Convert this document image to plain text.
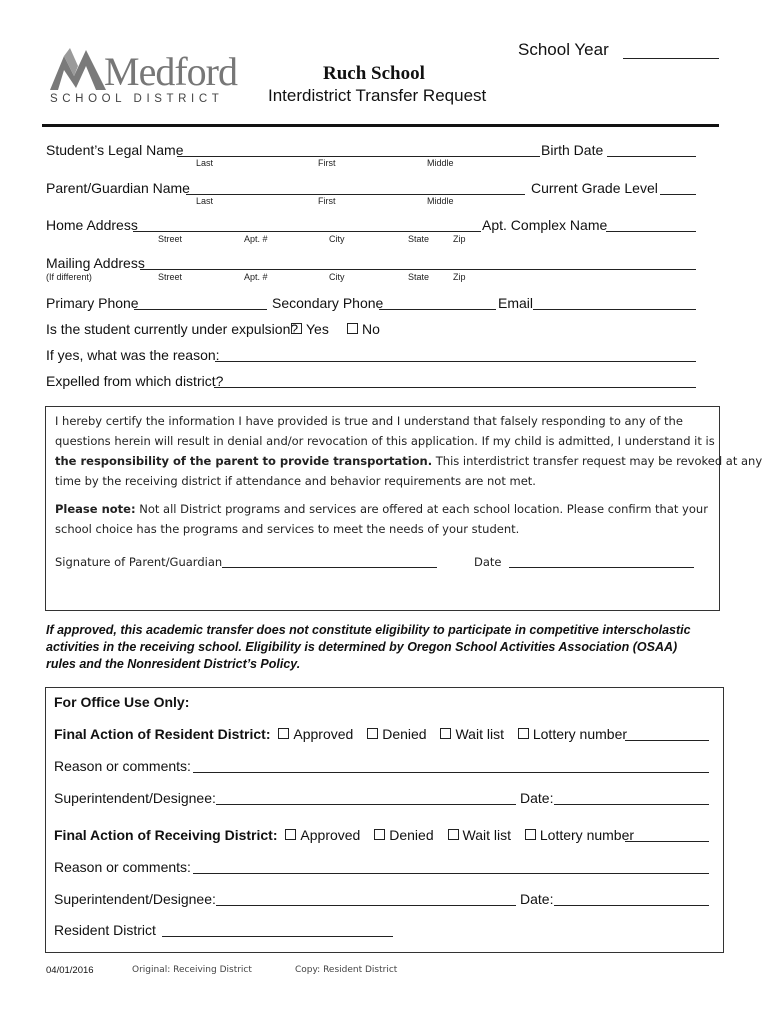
Medford
SCHOOL DISTRICT
School Year
Ruch School
Interdistrict Transfer Request
Student’s Legal Name	Birth Date
Last	First	Middle
Parent/Guardian Name	Current Grade Level
Last	First	Middle
Home Address	Apt. Complex Name
Street	Apt. #	City	State	Zip
Mailing Address
(If different)	Street	Apt. #	City	State	Zip
Primary Phone	Secondary Phone	Email
Is the student currently under expulsion? Yes	No
If yes, what was the reason:
Expelled from which district?
I hereby certify the information I have provided is true and I understand that falsely responding to any of the
questions herein will result in denial and/or revocation of this application. If my child is admitted, I understand it is
the responsibility of the parent to provide transportation. This interdistrict transfer request may be revoked at any
time by the receiving district if attendance and behavior requirements are not met.
Please note: Not all District programs and services are offered at each school location. Please confirm that your
school choice has the programs and services to meet the needs of your student.
Signature of Parent/Guardian	Date
If approved, this academic transfer does not constitute eligibility to participate in competitive interscholastic
activities in the receiving school. Eligibility is determined by Oregon School Activities Association (OSAA)
rules and the Nonresident District’s Policy.
For Office Use Only:
Final Action of Resident District: Approved Denied Wait list Lottery number
Reason or comments:
Superintendent/Designee:	Date:
Final Action of Receiving District: Approved Denied Wait list Lottery number
Reason or comments:
Superintendent/Designee:	Date:
Resident District
04/01/2016	Original: Receiving District	Copy: Resident District
